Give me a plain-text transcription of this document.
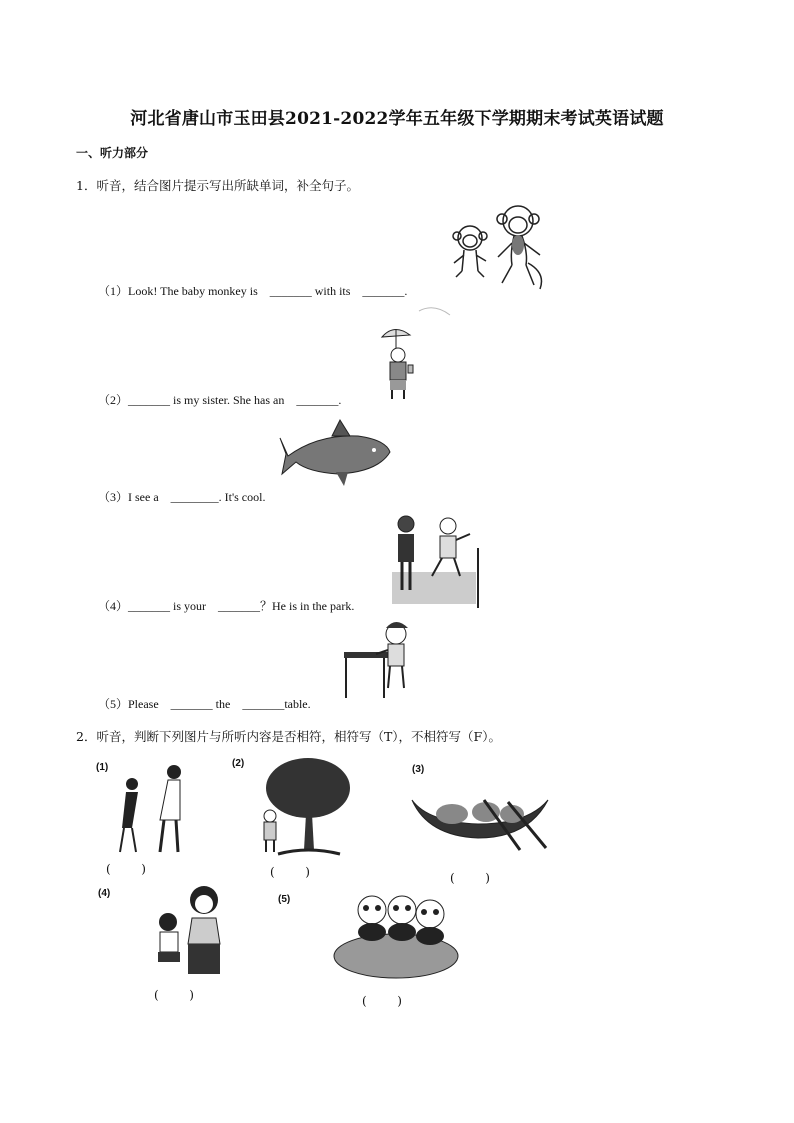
河北省唐山市玉田县2021-2022学年五年级下学期期末考试英语试题
一、听力部分
1．听音，结合图片提示写出所缺单词，补全句子。
（1）Look! The baby monkey is    _______ with its    _______.
（2）_______ is my sister. She has an    _______.
（3）I see a    ________. It's cool.
（4）_______ is your    _______？He is in the park.
（5）Please    _______ the    _______table.
2．听音，判断下列图片与所听内容是否相符，相符写（T），不相符写（F）。
(1)
(        )
(2)
(        )
(3)
(        )
(4)
(        )
(5)
(        )
